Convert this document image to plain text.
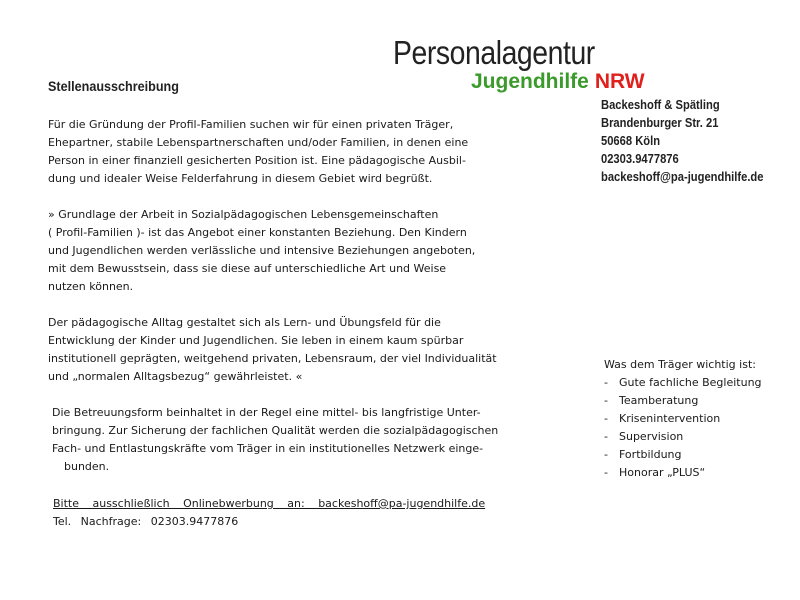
Personalagentur
Jugendhilfe NRW
Backeshoff & Spätling
Brandenburger Str. 21
50668 Köln
02303.9477876
backeshoff@pa-jugendhilfe.de
Stellenausschreibung

Für die Gründung der Profil-Familien suchen wir für einen privaten Träger,
Ehepartner, stabile Lebenspartnerschaften und/oder Familien, in denen eine
Person in einer finanziell gesicherten Position ist. Eine pädagogische Ausbil-
dung und idealer Weise Felderfahrung in diesem Gebiet wird begrüßt.

» Grundlage der Arbeit in Sozialpädagogischen Lebensgemeinschaften
( Profil-Familien )- ist das Angebot einer konstanten Beziehung. Den Kindern
und Jugendlichen werden verlässliche und intensive Beziehungen angeboten,
mit dem Bewusstsein, dass sie diese auf unterschiedliche Art und Weise
nutzen können.

Der pädagogische Alltag gestaltet sich als Lern- und Übungsfeld für die
Entwicklung der Kinder und Jugendlichen. Sie leben in einem kaum spürbar
institutionell geprägten, weitgehend privaten, Lebensraum, der viel Individualität
und „normalen Alltagsbezug“ gewährleistet. «

Die Betreuungsform beinhaltet in der Regel eine mittel- bis langfristige Unter-
bringung. Zur Sicherung der fachlichen Qualität werden die sozialpädagogischen
Fach- und Entlastungskräfte vom Träger in ein institutionelles Netzwerk einge-
bunden.

Bitte ausschließlich Onlinebwerbung an: backeshoff@pa-jugendhilfe.de
Tel. Nachfrage: 02303.9477876
Was dem Träger wichtig ist:
- Gute fachliche Begleitung
- Teamberatung
- Krisenintervention
- Supervision
- Fortbildung
- Honorar „PLUS“
